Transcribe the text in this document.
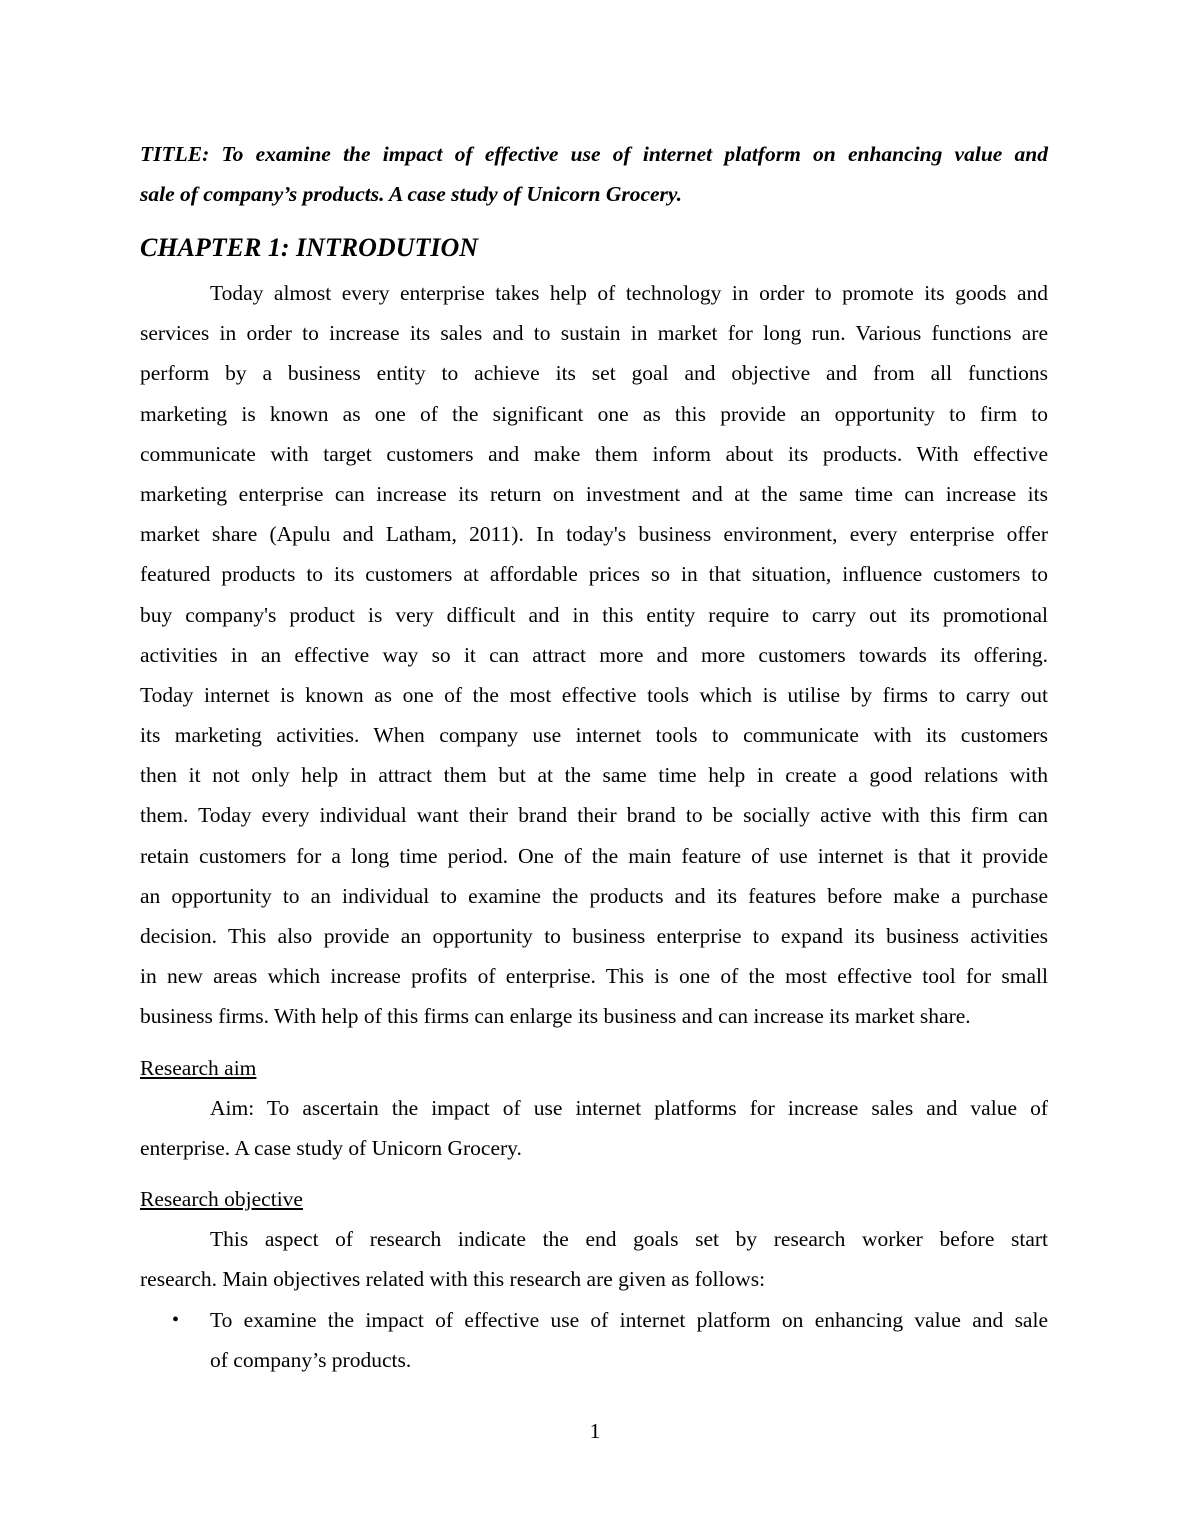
TITLE: To examine the impact of effective use of internet platform on enhancing value and
sale of company’s products. A case study of Unicorn Grocery.
CHAPTER 1: INTRODUTION
Today almost every enterprise takes help of technology in order to promote its goods and
services in order to increase its sales and to sustain in market for long run. Various functions are
perform by a business entity to achieve its set goal and objective and from all functions
marketing is known as one of the significant one as this provide an opportunity to firm to
communicate with target customers and make them inform about its products. With effective
marketing enterprise can increase its return on investment and at the same time can increase its
market share (Apulu and Latham, 2011). In today's business environment, every enterprise offer
featured products to its customers at affordable prices so in that situation, influence customers to
buy company's product is very difficult and in this entity require to carry out its promotional
activities in an effective way so it can attract more and more customers towards its offering.
Today internet is known as one of the most effective tools which is utilise by firms to carry out
its marketing activities. When company use internet tools to communicate with its customers
then it not only help in attract them but at the same time help in create a good relations with
them. Today every individual want their brand their brand to be socially active with this firm can
retain customers for a long time period. One of the main feature of use internet is that it provide
an opportunity to an individual to examine the products and its features before make a purchase
decision. This also provide an opportunity to business enterprise to expand its business activities
in new areas which increase profits of enterprise. This is one of the most effective tool for small
business firms. With help of this firms can enlarge its business and can increase its market share.
Research aim
Aim: To ascertain the impact of use internet platforms for increase sales and value of
enterprise. A case study of Unicorn Grocery.
Research objective
This aspect of research indicate the end goals set by research worker before start
research. Main objectives related with this research are given as follows:
• To examine the impact of effective use of internet platform on enhancing value and sale
of company’s products.
1
